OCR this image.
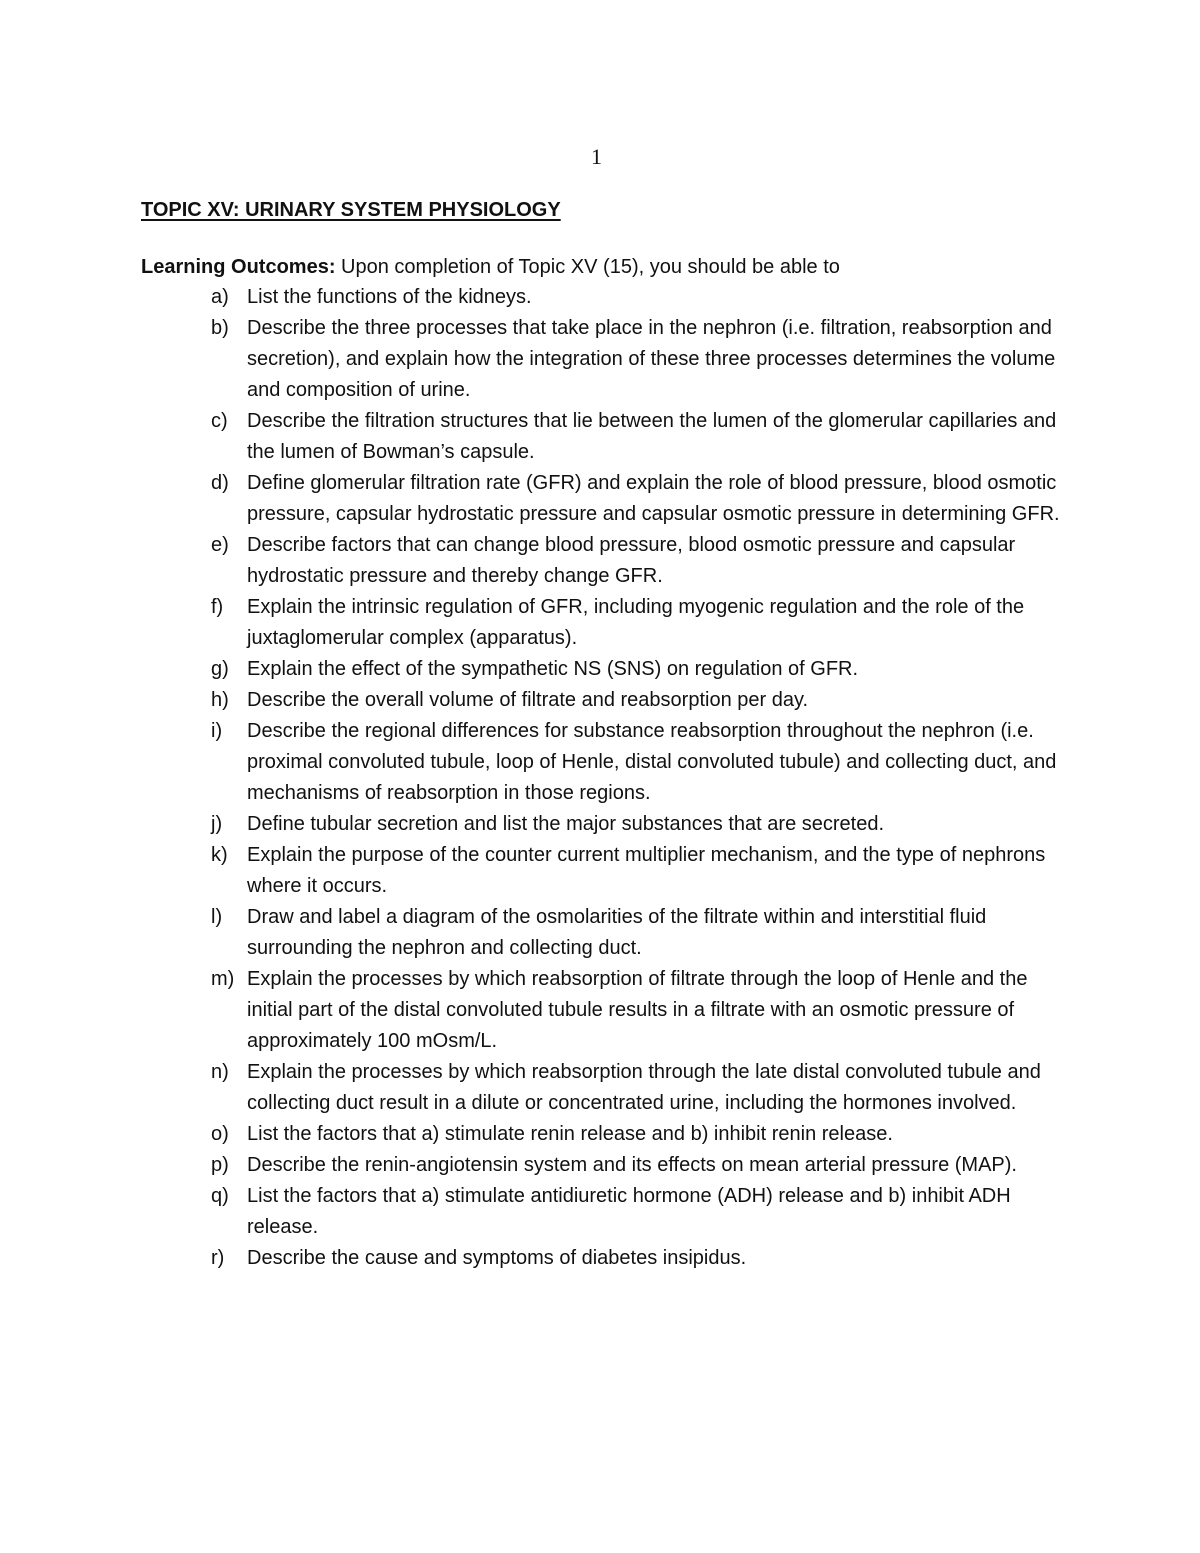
1
TOPIC XV: URINARY SYSTEM PHYSIOLOGY
Learning Outcomes: Upon completion of Topic XV (15), you should be able to
a) List the functions of the kidneys.
b) Describe the three processes that take place in the nephron (i.e. filtration, reabsorption and secretion), and explain how the integration of these three processes determines the volume and composition of urine.
c) Describe the filtration structures that lie between the lumen of the glomerular capillaries and the lumen of Bowman’s capsule.
d) Define glomerular filtration rate (GFR) and explain the role of blood pressure, blood osmotic pressure, capsular hydrostatic pressure and capsular osmotic pressure in determining GFR.
e) Describe factors that can change blood pressure, blood osmotic pressure and capsular hydrostatic pressure and thereby change GFR.
f)	Explain the intrinsic regulation of GFR, including myogenic regulation and the role of the juxtaglomerular complex (apparatus).
g) Explain the effect of the sympathetic NS (SNS) on regulation of GFR.
h) Describe the overall volume of filtrate and reabsorption per day.
i)	Describe the regional differences for substance reabsorption throughout the nephron (i.e. proximal convoluted tubule, loop of Henle, distal convoluted tubule) and collecting duct, and mechanisms of reabsorption in those regions.
j)	Define tubular secretion and list the major substances that are secreted.
k) Explain the purpose of the counter current multiplier mechanism, and the type of nephrons where it occurs.
l)	Draw and label a diagram of the osmolarities of the filtrate within and interstitial fluid surrounding the nephron and collecting duct.
m) Explain the processes by which reabsorption of filtrate through the loop of Henle and the initial part of the distal convoluted tubule results in a filtrate with an osmotic pressure of approximately 100 mOsm/L.
n) Explain the processes by which reabsorption through the late distal convoluted tubule and collecting duct result in a dilute or concentrated urine, including the hormones involved.
o) List the factors that a) stimulate renin release and b) inhibit renin release.
p) Describe the renin-angiotensin system and its effects on mean arterial pressure (MAP).
q) List the factors that a) stimulate antidiuretic hormone (ADH) release and b) inhibit ADH release.
r)	Describe the cause and symptoms of diabetes insipidus.
